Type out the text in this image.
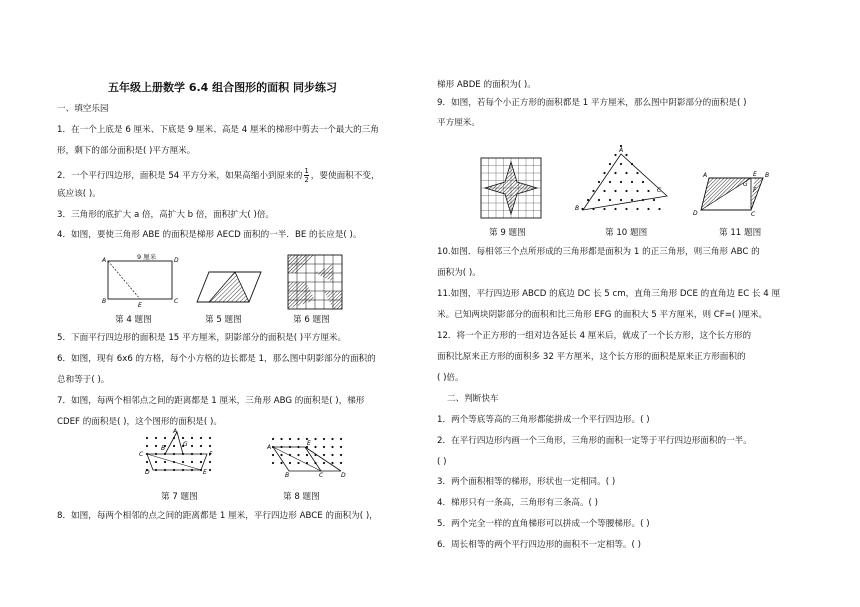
五年级上册数学 6.4 组合图形的面积 同步练习
一、填空乐园
1．在一个上底是 6 厘米、下底是 9 厘米、高是 4 厘米的梯形中剪去一个最大的三角
形，剩下的部分面积是( )平方厘米。
2．一个平行四边形，面积是 54 平方分米，如果高缩小到原来的 $\frac{1}{2}$ ，要使面积不变，
底应该( )。
3．三角形的底扩大 a 倍，高扩大 b 倍，面积扩大( )倍。
4．如图，要使三角形 ABE 的面积是梯形 AECD 面积的一半．BE 的长应是( )。
A	D
B
E
C
9 厘米
第 4 题图	第 5 题图	第 6 题图
5．下面平行四边形的面积是 15 平方厘米，阴影部分的面积是( )平方厘米。
6．如图，现有 6x6 的方格，每个小方格的边长都是 1，那么图中阴影部分的面积的
总和等于( )。
7．如图，每两个相邻点之间的距离都是 1 厘米，三角形 ABG 的面积是( )，梯形
CDEF 的面积是( )，这个图形的面积是( )。
A
G
B
C	F
D	E
A
E
B	C	D
第 7 题图	第 8 题图
8．如图，每两个相邻的点之间的距离都是 1 厘米，平行四边形 ABCE 的面积为( )，
梯形 ABDE 的面积为( )。
9．如图，若每个小正方形的面积都是 1 平方厘米，那么图中阴影部分的面积是( )
平方厘米。
A
B
C
A
G
E B
D	C
F
第 9 题图	第 10 题图	第 11 题图
10.如图．每相邻三个点所形成的三角形都是面积为 1 的正三角形，则三角形 ABC 的
面积为( )。
11.如图，平行四边形 ABCD 的底边 DC 长 5 cm，直角三角形 DCE 的直角边 EC 长 4 厘
米。已知两块阴影部分的面积和比三角形 EFG 的面积大 5 平方厘米，则 CF=( )厘米。
12．将一个正方形的一组对边各延长 4 厘米后，就成了一个长方形，这个长方形的
面积比原来正方形的面积多 32 平方厘米，这个长方形的面积是原来正方形面积的
( )倍。
二、判断快车
1．两个等底等高的三角形都能拼成一个平行四边形。( )
2．在平行四边形内画一个三角形，三角形的面积一定等于平行四边形面积的一半。
( )
3．两个面积相等的梯形，形状也一定相同。( )
4．梯形只有一条高，三角形有三条高。( )
5．两个完全一样的直角梯形可以拼成一个等腰梯形。( )
6．周长相等的两个平行四边形的面积不一定相等。( )
